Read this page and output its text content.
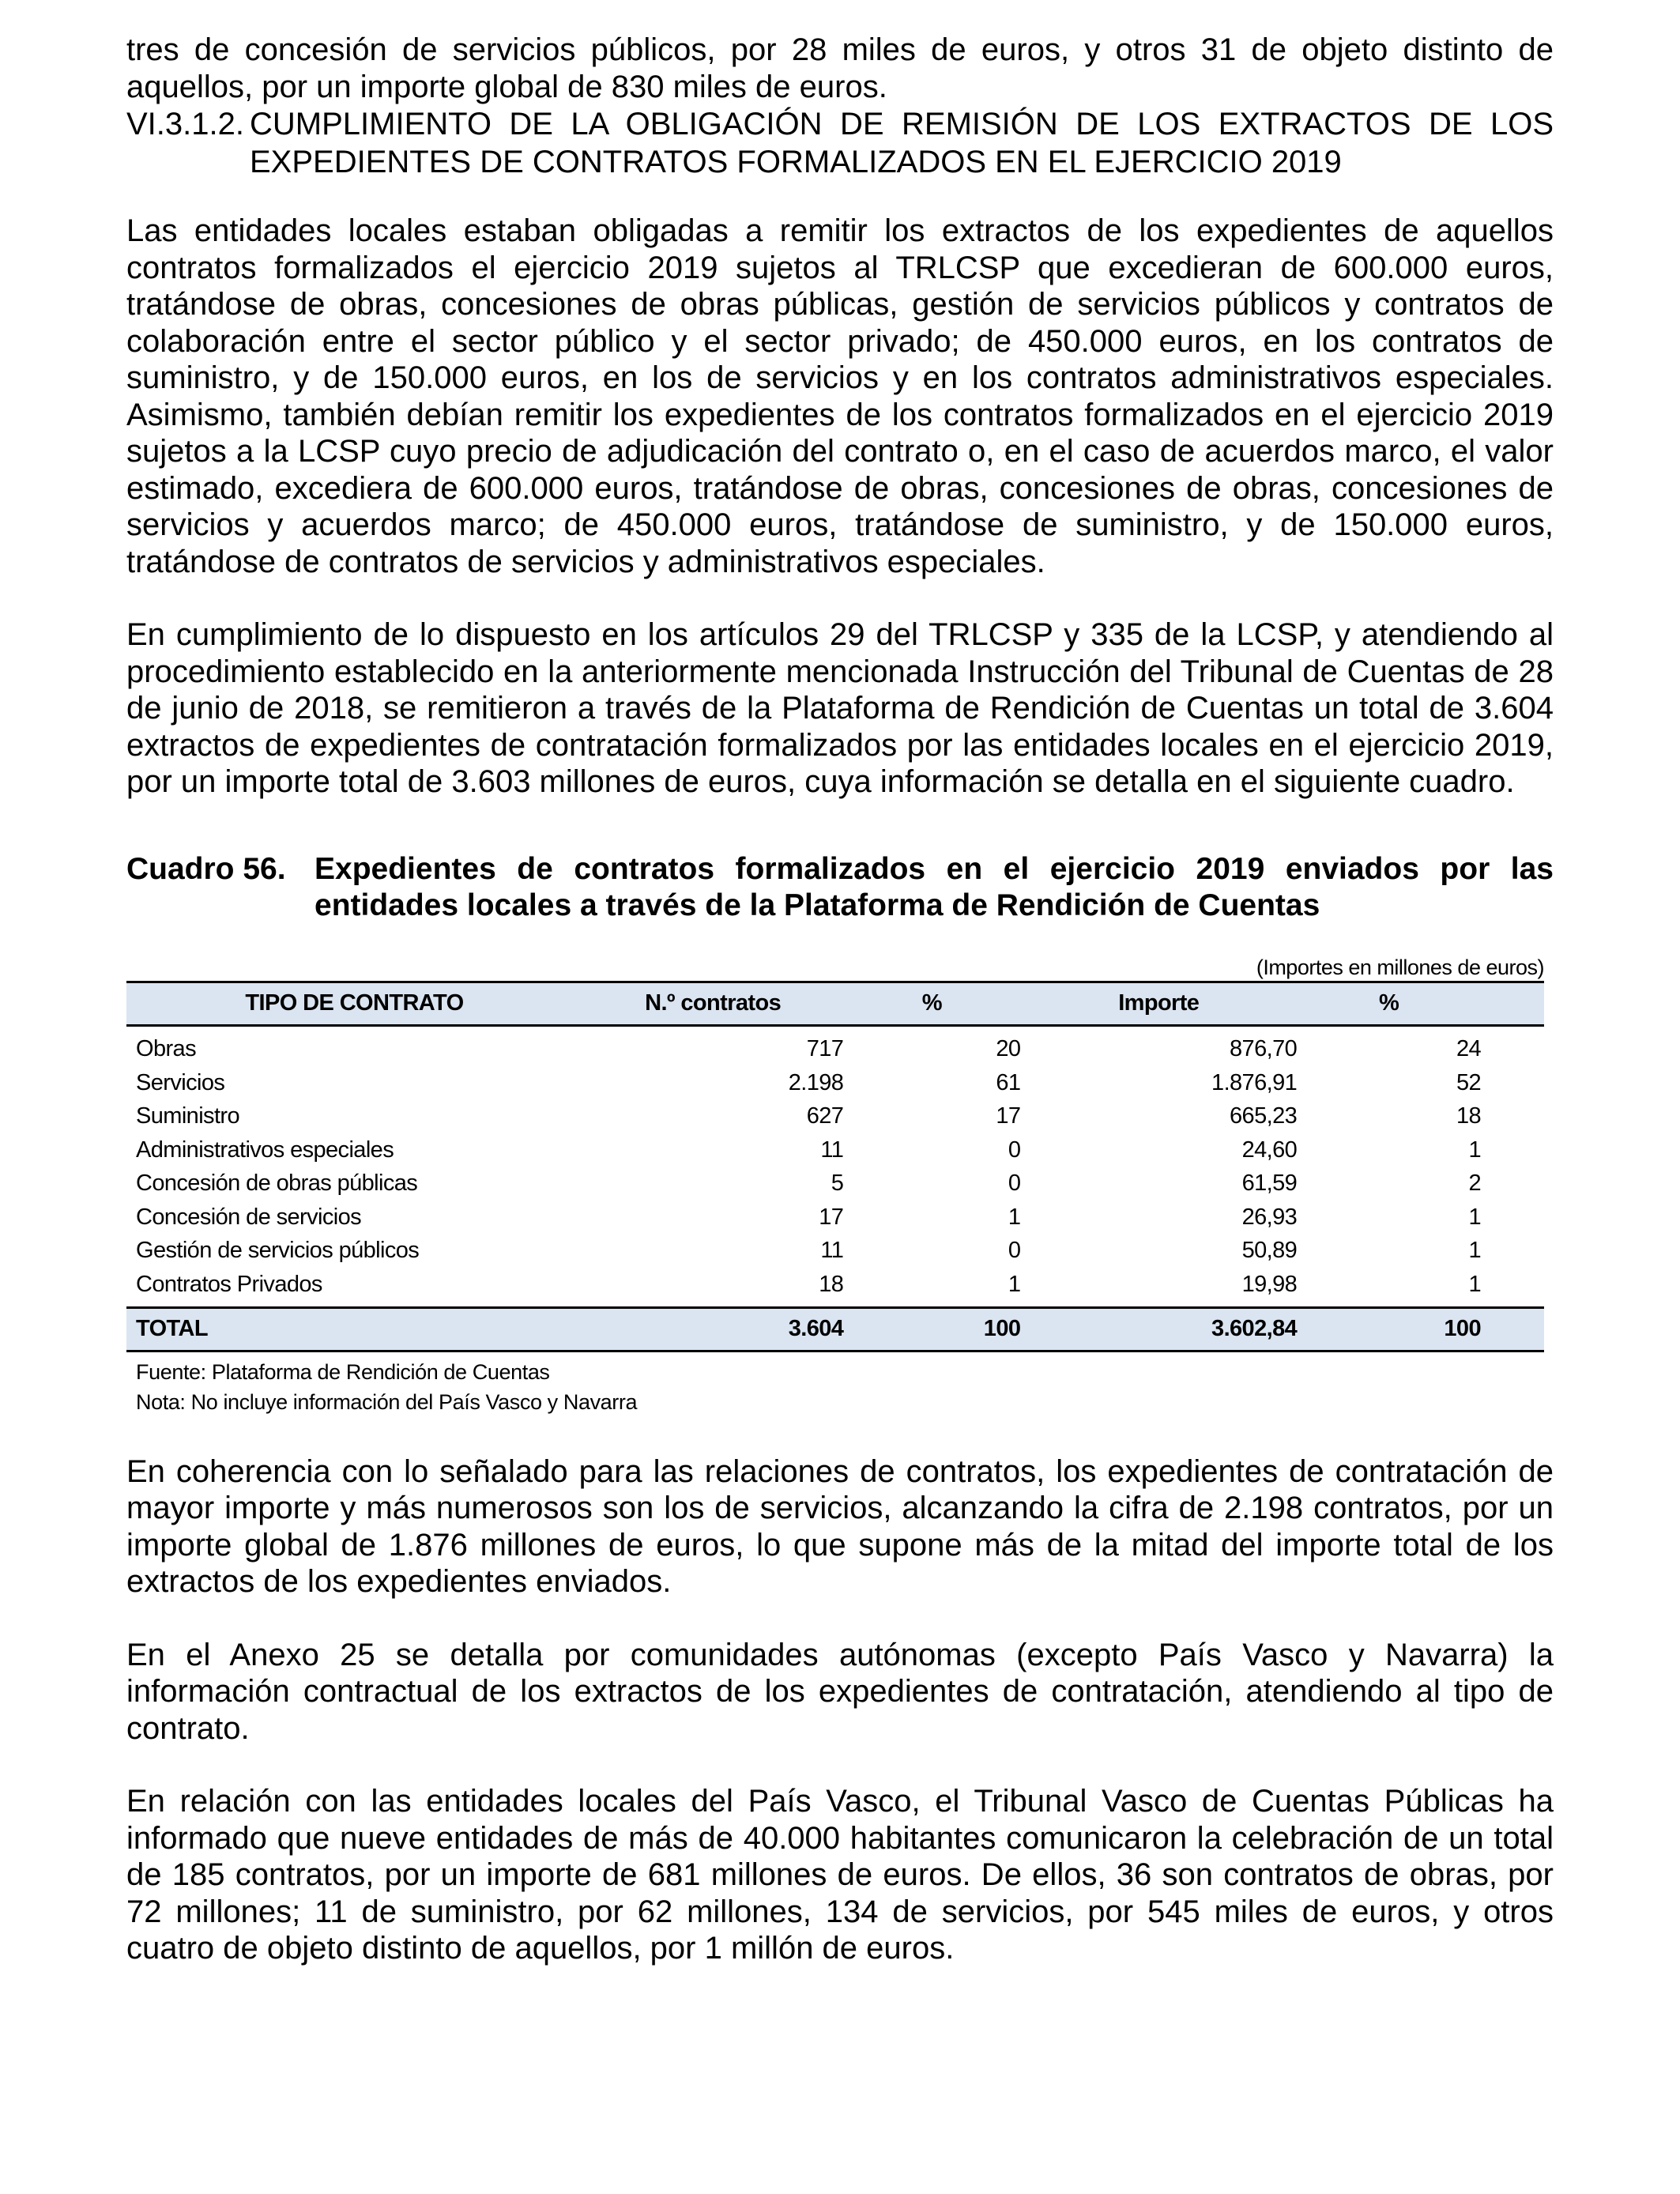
tres de concesión de servicios públicos, por 28 miles de euros, y otros 31 de objeto distinto de aquellos, por un importe global de 830 miles de euros.

VI.3.1.2. CUMPLIMIENTO DE LA OBLIGACIÓN DE REMISIÓN DE LOS EXTRACTOS DE LOS EXPEDIENTES DE CONTRATOS FORMALIZADOS EN EL EJERCICIO 2019

Las entidades locales estaban obligadas a remitir los extractos de los expedientes de aquellos contratos formalizados el ejercicio 2019 sujetos al TRLCSP que excedieran de 600.000 euros, tratándose de obras, concesiones de obras públicas, gestión de servicios públicos y contratos de colaboración entre el sector público y el sector privado; de 450.000 euros, en los contratos de suministro, y de 150.000 euros, en los de servicios y en los contratos administrativos especiales. Asimismo, también debían remitir los expedientes de los contratos formalizados en el ejercicio 2019 sujetos a la LCSP cuyo precio de adjudicación del contrato o, en el caso de acuerdos marco, el valor estimado, excediera de 600.000 euros, tratándose de obras, concesiones de obras, concesiones de servicios y acuerdos marco; de 450.000 euros, tratándose de suministro, y de 150.000 euros, tratándose de contratos de servicios y administrativos especiales.

En cumplimiento de lo dispuesto en los artículos 29 del TRLCSP y 335 de la LCSP, y atendiendo al procedimiento establecido en la anteriormente mencionada Instrucción del Tribunal de Cuentas de 28 de junio de 2018, se remitieron a través de la Plataforma de Rendición de Cuentas un total de 3.604 extractos de expedientes de contratación formalizados por las entidades locales en el ejercicio 2019, por un importe total de 3.603 millones de euros, cuya información se detalla en el siguiente cuadro.

Cuadro 56. Expedientes de contratos formalizados en el ejercicio 2019 enviados por las entidades locales a través de la Plataforma de Rendición de Cuentas
(Importes en millones de euros)
TIPO DE CONTRATO	N.º contratos	%	Importe	%
Obras	717	20	876,70	24
Servicios	2.198	61	1.876,91	52
Suministro	627	17	665,23	18
Administrativos especiales	11	0	24,60	1
Concesión de obras públicas	5	0	61,59	2
Concesión de servicios	17	1	26,93	1
Gestión de servicios públicos	11	0	50,89	1
Contratos Privados	18	1	19,98	1
TOTAL	3.604	100	3.602,84	100
Fuente: Plataforma de Rendición de Cuentas
Nota: No incluye información del País Vasco y Navarra

En coherencia con lo señalado para las relaciones de contratos, los expedientes de contratación de mayor importe y más numerosos son los de servicios, alcanzando la cifra de 2.198 contratos, por un importe global de 1.876 millones de euros, lo que supone más de la mitad del importe total de los extractos de los expedientes enviados.

En el Anexo 25 se detalla por comunidades autónomas (excepto País Vasco y Navarra) la información contractual de los extractos de los expedientes de contratación, atendiendo al tipo de contrato.

En relación con las entidades locales del País Vasco, el Tribunal Vasco de Cuentas Públicas ha informado que nueve entidades de más de 40.000 habitantes comunicaron la celebración de un total de 185 contratos, por un importe de 681 millones de euros. De ellos, 36 son contratos de obras, por 72 millones; 11 de suministro, por 62 millones, 134 de servicios, por 545 miles de euros, y otros cuatro de objeto distinto de aquellos, por 1 millón de euros.
